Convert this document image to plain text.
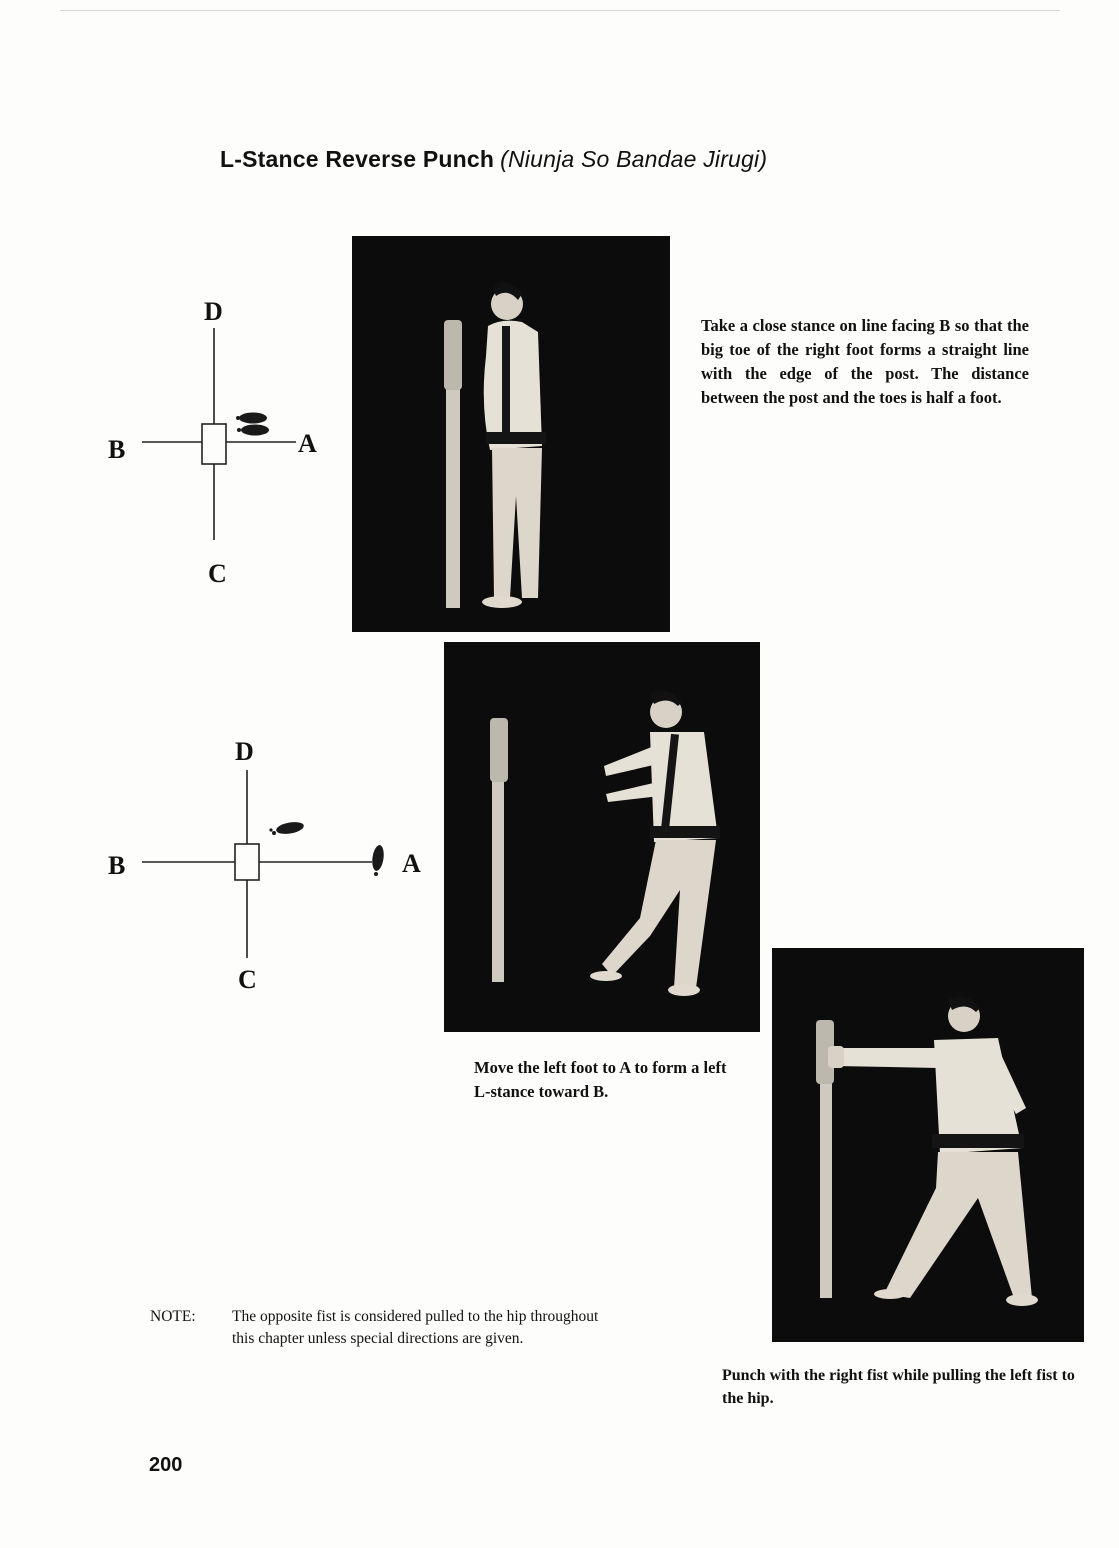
L-Stance Reverse Punch (Niunja So Bandae Jirugi)
D
B	A
C

Take a close stance on line facing B so that the big toe of the right foot forms a straight line with the edge of the post. The distance between the post and the toes is half a foot.

D
B	A
C

Move the left foot to A to form a left L-stance toward B.

NOTE: The opposite fist is considered pulled to the hip throughout this chapter unless special directions are given.

Punch with the right fist while pulling the left fist to the hip.

200
